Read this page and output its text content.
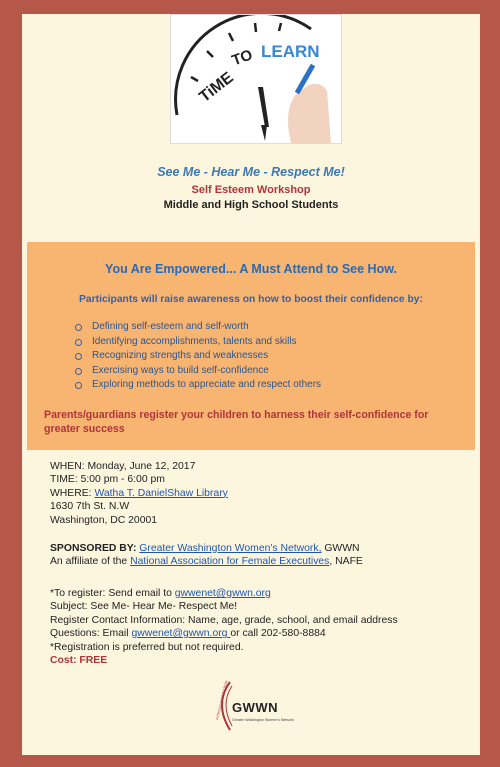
TiME
TO LEARN
See Me - Hear Me - Respect Me!
Self Esteem Workshop
Middle and High School Students
You Are Empowered... A Must Attend to See How.
Participants will raise awareness on how to boost their confidence by:
Defining self-esteem and self-worth
Identifying accomplishments, talents and skills
Recognizing strengths and weaknesses
Exercising ways to build self-confidence
Exploring methods to appreciate and respect others
Parents/guardians register your children to harness their self-confidence for greater success
WHEN: Monday, June 12, 2017
TIME: 5:00 pm - 6:00 pm
WHERE: Watha T. DanielShaw Library
1630 7th St. N.W
Washington, DC 20001
SPONSORED BY: Greater Washington Women's Network, GWWN
An affiliate of the National Association for Female Executives, NAFE
*To register: Send email to gwwenet@gwwn.org
Subject: See Me- Hear Me- Respect Me!
Register Contact Information: Name, age, grade, school, and email address
Questions: Email gwwenet@gwwn.org or call 202-580-8884
*Registration is preferred but not required.
Cost: FREE
A PROUD CONNECTION GWWN
Greater Washington Women's Network
